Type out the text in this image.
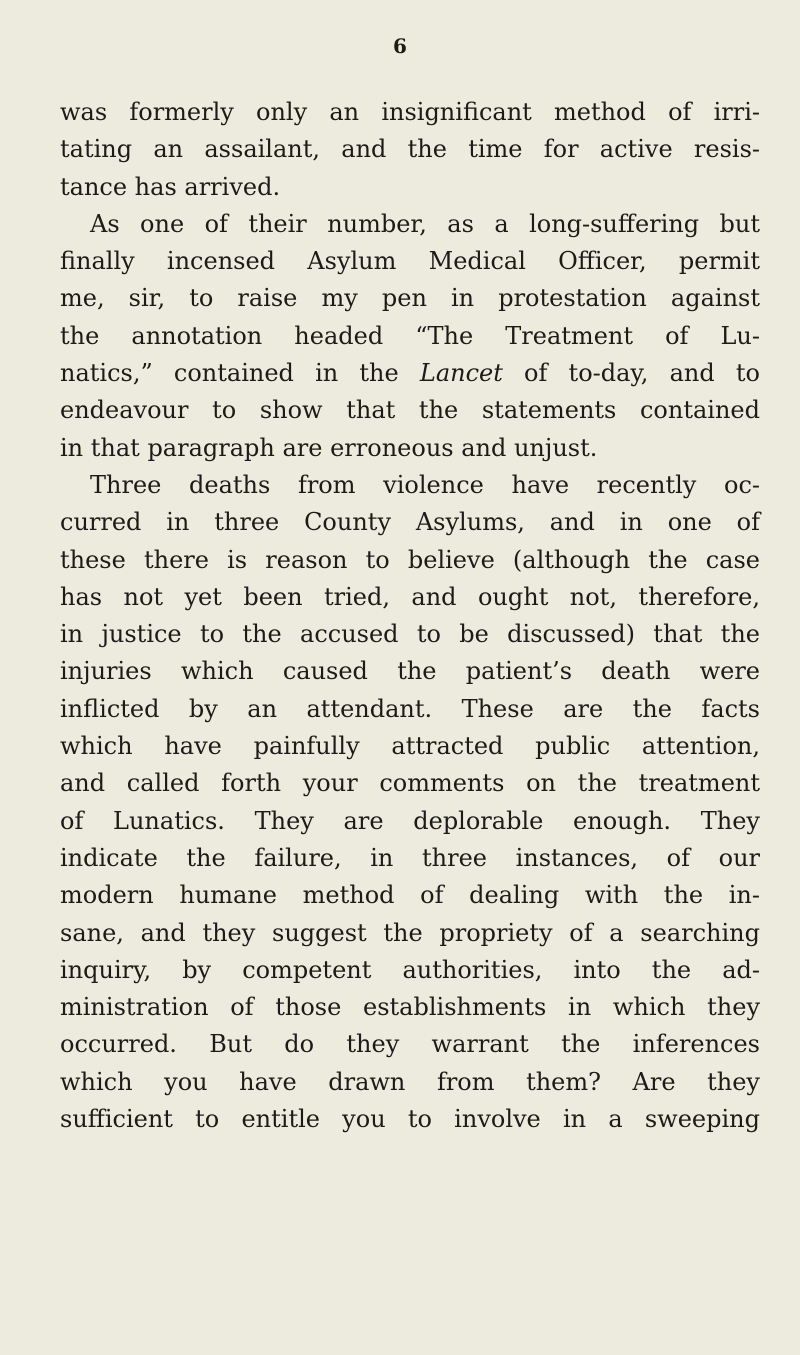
6
was formerly only an insignificant method of irri-
tating an assailant, and the time for active resis-
tance has arrived.
As one of their number, as a long-suffering but
finally incensed Asylum Medical Officer, permit
me, sir, to raise my pen in protestation against
the annotation headed “The Treatment of Lu-
natics,” contained in the Lancet of to-day, and to
endeavour to show that the statements contained
in that paragraph are erroneous and unjust.
Three deaths from violence have recently oc-
curred in three County Asylums, and in one of
these there is reason to believe (although the case
has not yet been tried, and ought not, therefore,
in justice to the accused to be discussed) that the
injuries which caused the patient’s death were
inflicted by an attendant. These are the facts
which have painfully attracted public attention,
and called forth your comments on the treatment
of Lunatics. They are deplorable enough. They
indicate the failure, in three instances, of our
modern humane method of dealing with the in-
sane, and they suggest the propriety of a searching
inquiry, by competent authorities, into the ad-
ministration of those establishments in which they
occurred. But do they warrant the inferences
which you have drawn from them? Are they
sufficient to entitle you to involve in a sweeping
